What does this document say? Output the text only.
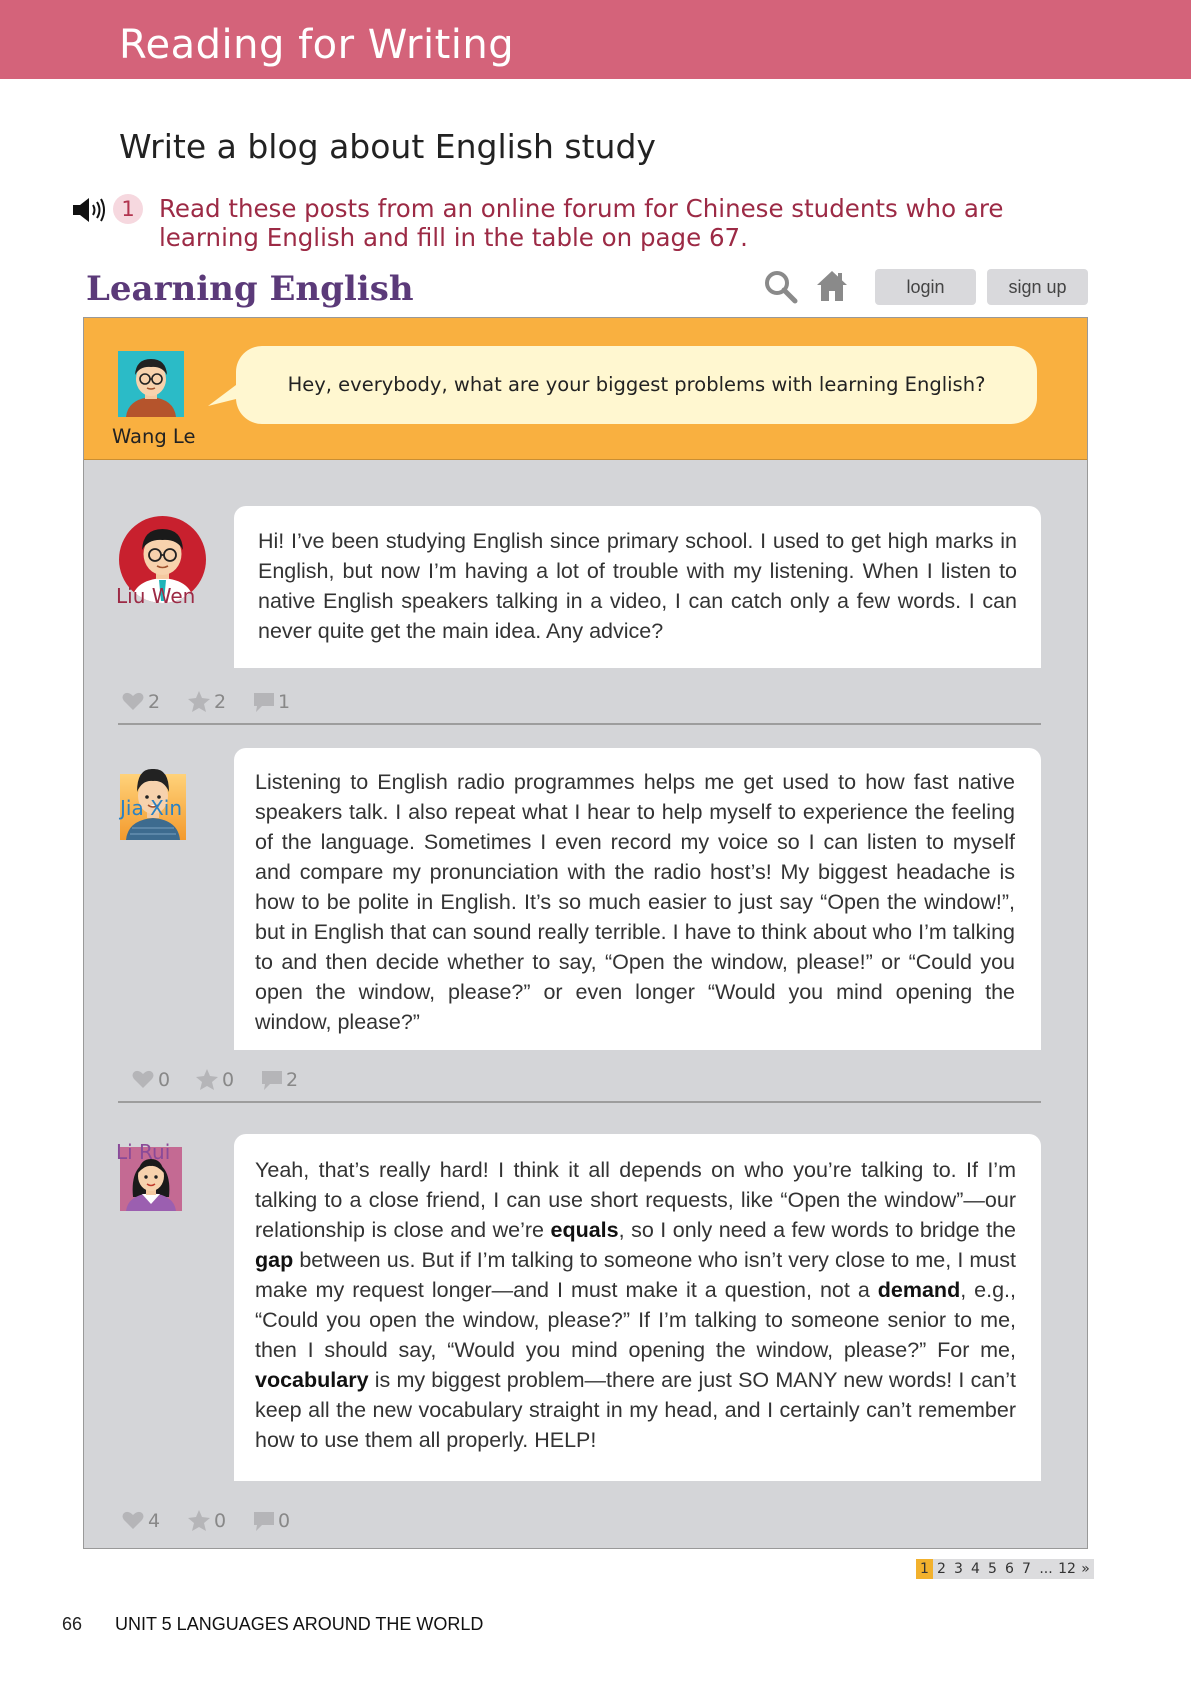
Reading for Writing
Write a blog about English study
1 Read these posts from an online forum for Chinese students who are learning English and fill in the table on page 67.
Learning English	login	sign up
Wang Le
Hey, everybody, what are your biggest problems with learning English?
Liu Wen

Hi! I’ve been studying English since primary school. I used to get high marks in English, but now I’m having a lot of trouble with my listening. When I listen to native English speakers talking in a video, I can catch only a few words. I can never quite get the main idea. Any advice?

2	2	1
Jia Xin

Listening to English radio programmes helps me get used to how fast native speakers talk. I also repeat what I hear to help myself to experience the feeling of the language. Sometimes I even record my voice so I can listen to myself and compare my pronunciation with the radio host’s! My biggest headache is how to be polite in English. It’s so much easier to just say “Open the window!”, but in English that can sound really terrible. I have to think about who I’m talking to and then decide whether to say, “Open the window, please!” or “Could you open the window, please?” or even longer “Would you mind opening the window, please?”

0	0	2
Li Rui

Yeah, that’s really hard! I think it all depends on who you’re talking to. If I’m talking to a close friend, I can use short requests, like “Open the window”—our relationship is close and we’re equals, so I only need a few words to bridge the gap between us. But if I’m talking to someone who isn’t very close to me, I must make my request longer—and I must make it a question, not a demand, e.g., “Could you open the window, please?” If I’m talking to someone senior to me, then I should say, “Would you mind opening the window, please?” For me, vocabulary is my biggest problem—there are just SO MANY new words! I can’t keep all the new vocabulary straight in my head, and I certainly can’t remember how to use them all properly. HELP!

4	0	0
1 2 3 4 5 6 7 ... 12 »
66 UNIT 5 LANGUAGES AROUND THE WORLD
